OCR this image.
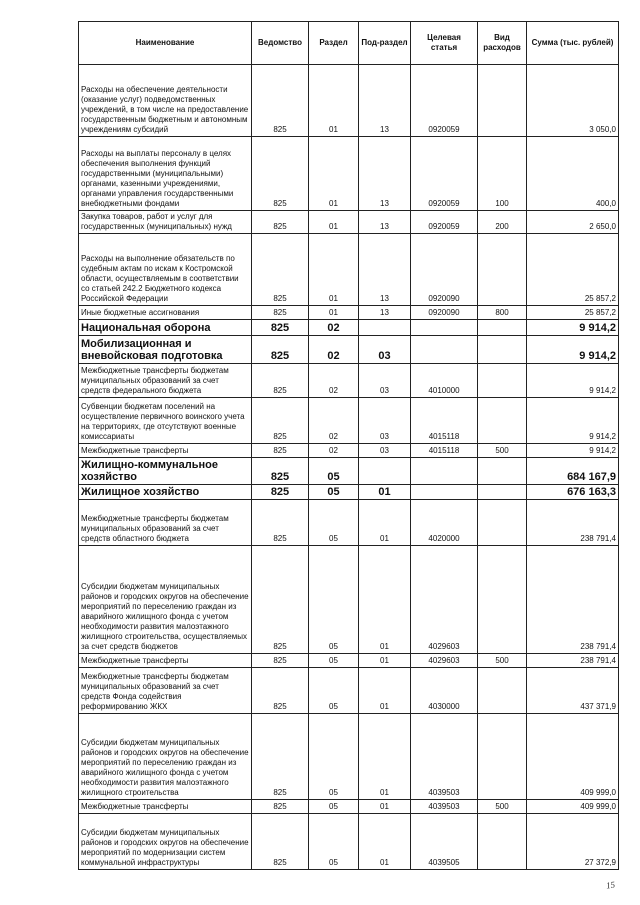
Наименование	Ведомство	Раздел	Под-раздел	Целевая статья	Вид расходов	Сумма (тыс. рублей)
Расходы на обеспечение деятельности (оказание услуг) подведомственных учреждений, в том числе на предоставление государственным бюджетным и автономным учреждениям субсидий	825	01	13	0920059		3 050,0
Расходы на выплаты персоналу в целях обеспечения выполнения функций государственными (муниципальными) органами, казенными учреждениями, органами управления государственными внебюджетными фондами	825	01	13	0920059	100	400,0
Закупка товаров, работ и услуг для государственных (муниципальных) нужд	825	01	13	0920059	200	2 650,0
Расходы на выполнение обязательств по судебным актам по искам к Костромской области, осуществляемым в соответствии со статьей 242.2 Бюджетного кодекса Российской Федерации	825	01	13	0920090		25 857,2
Иные бюджетные ассигнования	825	01	13	0920090	800	25 857,2
Национальная оборона	825	02				9 914,2
Мобилизационная и вневойсковая подготовка	825	02	03			9 914,2
Межбюджетные трансферты бюджетам муниципальных образований за счет средств федерального бюджета	825	02	03	4010000		9 914,2
Субвенции бюджетам поселений на осуществление первичного воинского учета на территориях, где отсутствуют военные комиссариаты	825	02	03	4015118		9 914,2
Межбюджетные трансферты	825	02	03	4015118	500	9 914,2
Жилищно-коммунальное хозяйство	825	05				684 167,9
Жилищное хозяйство	825	05	01			676 163,3
Межбюджетные трансферты бюджетам муниципальных образований за счет средств областного бюджета	825	05	01	4020000		238 791,4
Субсидии бюджетам муниципальных районов и городских округов на обеспечение мероприятий по переселению граждан из аварийного жилищного фонда с учетом необходимости развития малоэтажного жилищного строительства, осуществляемых за счет средств бюджетов	825	05	01	4029603		238 791,4
Межбюджетные трансферты	825	05	01	4029603	500	238 791,4
Межбюджетные трансферты бюджетам муниципальных образований за счет средств Фонда содействия реформированию ЖКХ	825	05	01	4030000		437 371,9
Субсидии бюджетам муниципальных районов и городских округов на обеспечение мероприятий по переселению граждан из аварийного жилищного фонда с учетом необходимости развития малоэтажного жилищного строительства	825	05	01	4039503		409 999,0
Межбюджетные трансферты	825	05	01	4039503	500	409 999,0
Субсидии бюджетам муниципальных районов и городских округов на обеспечение мероприятий по модернизации систем коммунальной инфраструктуры	825	05	01	4039505		27 372,9
15
